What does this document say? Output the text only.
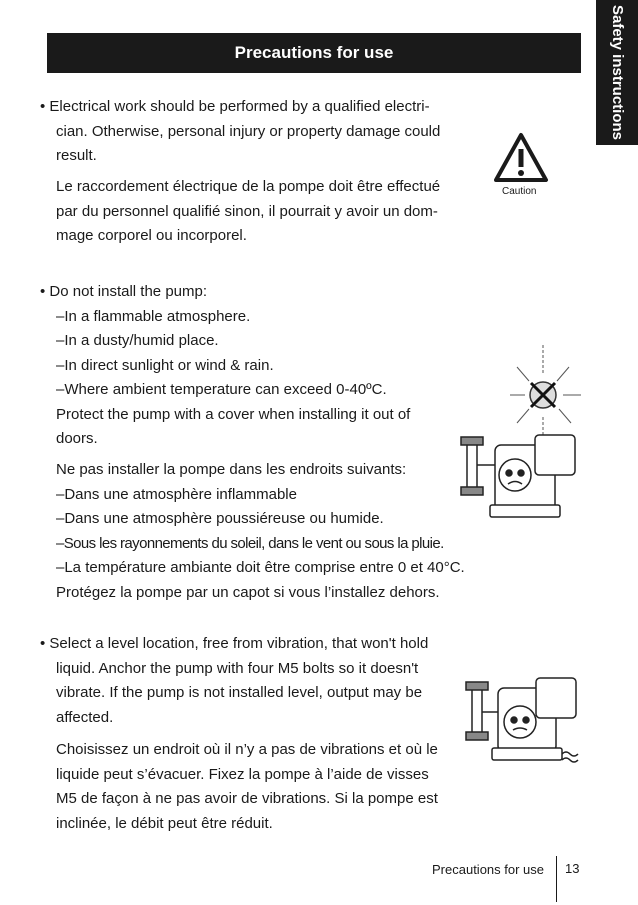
Precautions for use	Safety instructions
Caution
• Electrical work should be performed by a qualified electri-
cian. Otherwise, personal injury or property damage could
result.
Le raccordement électrique de la pompe doit être effectué
par du personnel qualifié sinon, il pourrait y avoir un dom-
mage corporel ou incorporel.
• Do not install the pump:
–In a flammable atmosphere.
–In a dusty/humid place.
–In direct sunlight or wind & rain.
–Where ambient temperature can exceed 0-40ºC.
Protect the pump with a cover when installing it out of
doors.
Ne pas installer la pompe dans les endroits suivants:
–Dans une atmosphère inflammable
–Dans une atmosphère poussiéreuse ou humide.
–Sous les rayonnements du soleil, dans le vent ou sous la pluie.
–La température ambiante doit être comprise entre 0 et 40°C.
Protégez la pompe par un capot si vous l’installez dehors.
• Select a level location, free from vibration, that won't hold
liquid. Anchor the pump with four M5 bolts so it doesn't
vibrate. If the pump is not installed level, output may be
affected.
Choisissez un endroit où il n’y a pas de vibrations et où le
liquide peut s’évacuer. Fixez la pompe à l’aide de visses
M5 de façon à ne pas avoir de vibrations. Si la pompe est
inclinée, le débit peut être réduit.
Precautions for use 13
